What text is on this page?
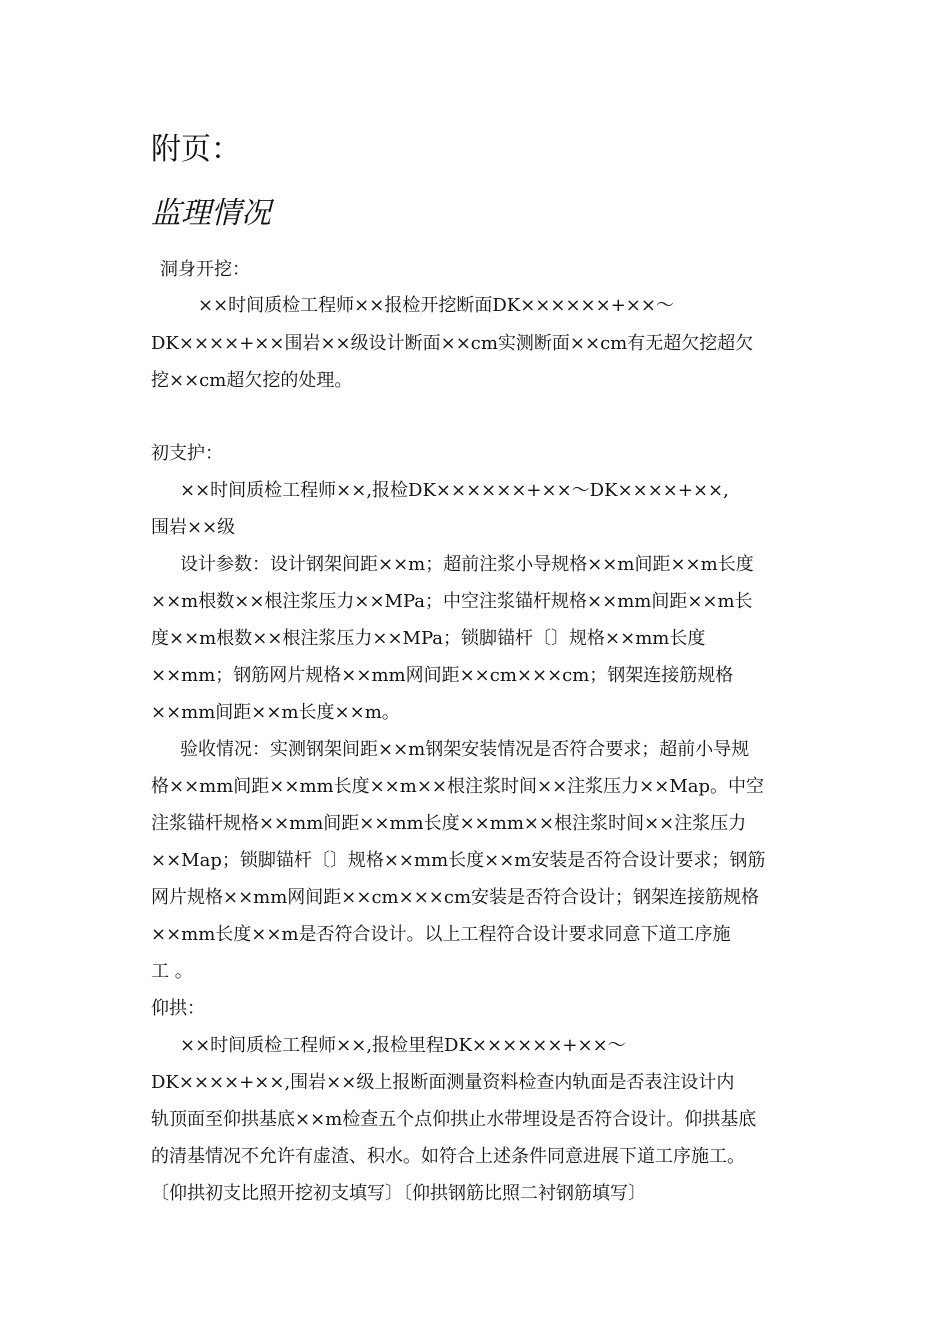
附页：
监理情况
洞身开挖：
××时间质检工程师××报检开挖断面DK××××××+××～
DK××××+××围岩××级设计断面××cm实测断面××cm有无超欠挖超欠
挖××cm超欠挖的处理。
初支护：
××时间质检工程师××,报检DK××××××+××～DK××××+××,
围岩××级
设计参数：设计钢架间距××m；超前注浆小导规格××m间距××m长度
××m根数××根注浆压力××MPa；中空注浆锚杆规格××mm间距××m长
度××m根数××根注浆压力××MPa；锁脚锚杆〔〕规格××mm长度
××mm；钢筋网片规格××mm网间距××cm×××cm；钢架连接筋规格
××mm间距××m长度××m。
验收情况：实测钢架间距××m钢架安装情况是否符合要求；超前小导规
格××mm间距××mm长度××m××根注浆时间××注浆压力××Map。中空
注浆锚杆规格××mm间距××mm长度××mm××根注浆时间××注浆压力
××Map；锁脚锚杆〔〕规格××mm长度××m安装是否符合设计要求；钢筋
网片规格××mm网间距××cm×××cm安装是否符合设计；钢架连接筋规格
××mm长度××m是否符合设计。以上工程符合设计要求同意下道工序施
工 。
仰拱：
××时间质检工程师××,报检里程DK××××××+××～
DK××××+××,围岩××级上报断面测量资料检查内轨面是否表注设计内
轨顶面至仰拱基底××m检查五个点仰拱止水带埋设是否符合设计。仰拱基底
的清基情况不允许有虚渣、积水。如符合上述条件同意进展下道工序施工。
〔仰拱初支比照开挖初支填写〕〔仰拱钢筋比照二衬钢筋填写〕
